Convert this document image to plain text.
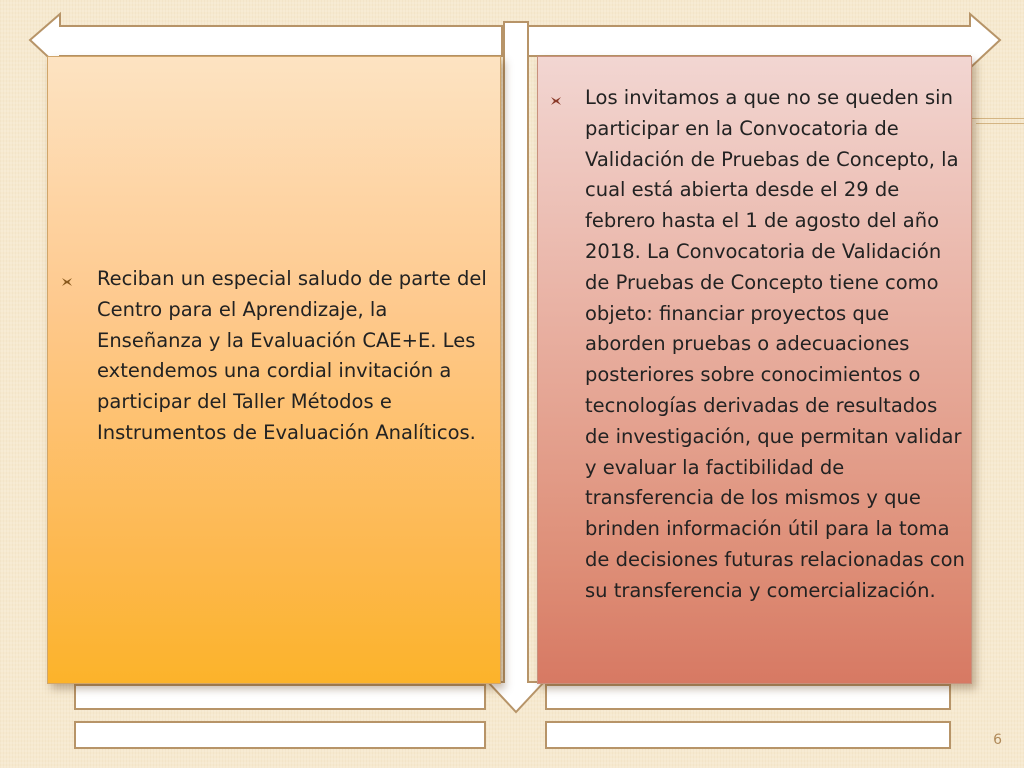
Reciban un especial saludo de parte del Centro para el Aprendizaje, la Enseñanza y la Evaluación CAE+E. Les extendemos una cordial invitación a participar del Taller Métodos e Instrumentos de Evaluación Analíticos.
Los invitamos a que no se queden sin participar en la Convocatoria de Validación de Pruebas de Concepto, la cual está abierta desde el 29 de febrero hasta el 1 de agosto del año 2018. La Convocatoria de Validación de Pruebas de Concepto tiene como objeto: financiar proyectos que aborden pruebas o adecuaciones posteriores sobre conocimientos o tecnologías derivadas de resultados de investigación, que permitan validar y evaluar la factibilidad de transferencia de los mismos y que brinden información útil para la toma de decisiones futuras relacionadas con su transferencia y comercialización.
6
